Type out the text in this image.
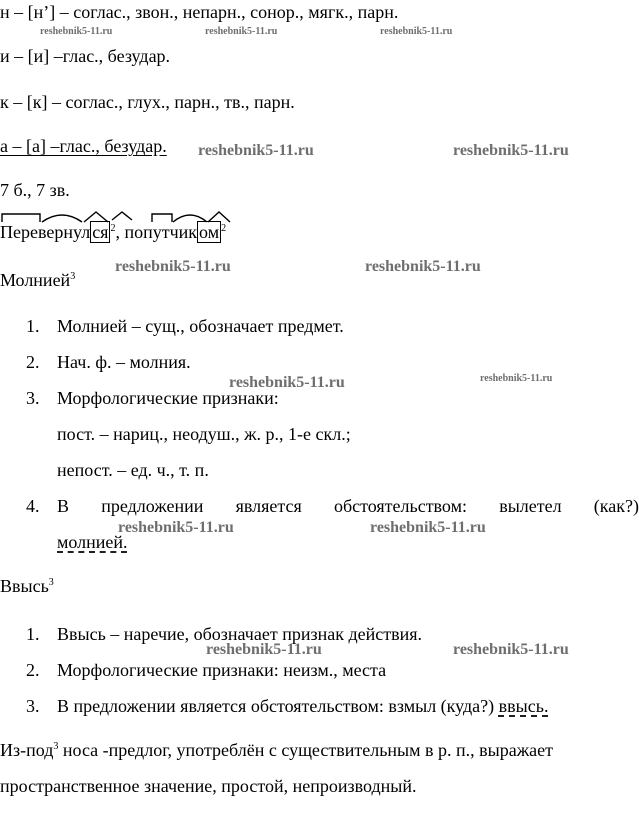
н – [н’] – соглас., звон., непарн., сонор., мягк., парн.
reshebnik5-11.ru	reshebnik5-11.ru	reshebnik5-11.ru
и – [и] –глас., безудар.
к – [к] – соглас., глух., парн., тв., парн.
а – [а] –глас., безудар. reshebnik5-11.ru	reshebnik5-11.ru
7 б., 7 зв.
Перевернул ся $^2$, попутчик ом $^2$
reshebnik5-11.ru	reshebnik5-11.ru
Молнией$^3$
1. Молнией – сущ., обозначает предмет.
2. Нач. ф. – молния.
reshebnik5-11.ru	reshebnik5-11.ru
3. Морфологические признаки:
пост. – нариц., неодуш., ж. р., 1-е скл.;
непост. – ед. ч., т. п.
4. В предложении является обстоятельством: вылетел (как?)
reshebnik5-11.ru	reshebnik5-11.ru
молнией.
Ввысь$^3$
1. Ввысь – наречие, обозначает признак действия.
reshebnik5-11.ru	reshebnik5-11.ru
2. Морфологические признаки: неизм., места
3. В предложении является обстоятельством: взмыл (куда?) ввысь.
Из-под$^3$ носа -предлог, употреблён с существительным в р. п., выражает
пространственное значение, простой, непроизводный.
